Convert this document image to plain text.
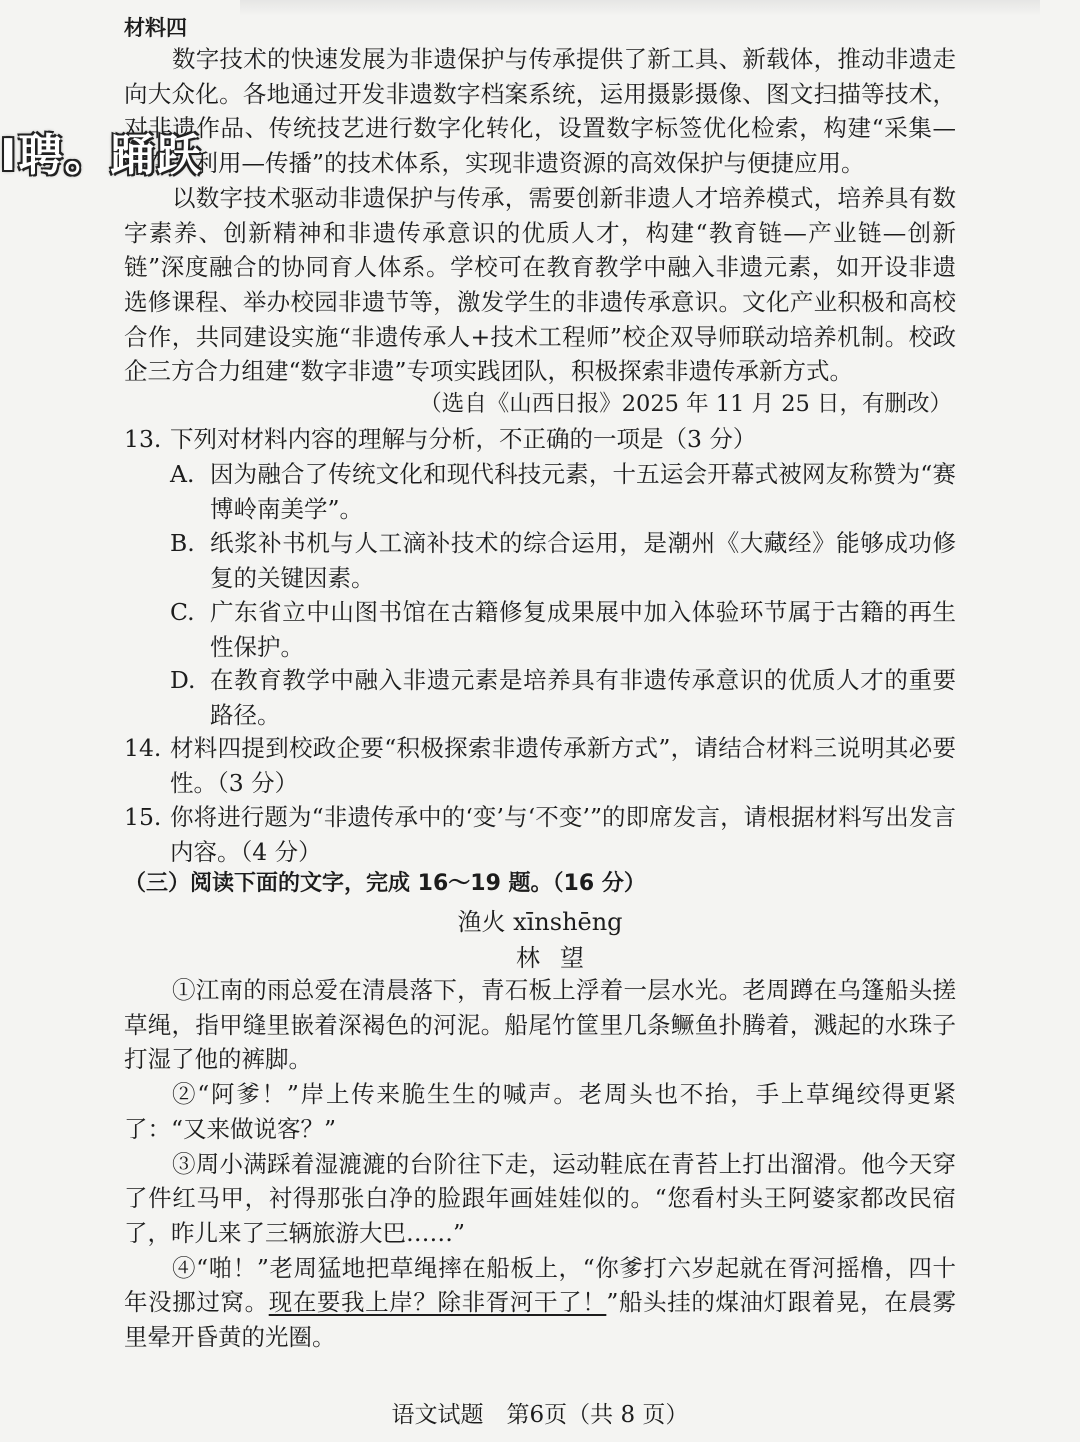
I聘。踊跃
材料四

数字技术的快速发展为非遗保护与传承提供了新工具、新载体，推动非遗走向大众化。各地通过开发非遗数字档案系统，运用摄影摄像、图文扫描等技术，对非遗作品、传统技艺进行数字化转化，设置数字标签优化检索，构建“采集—保存—利用—传播”的技术体系，实现非遗资源的高效保护与便捷应用。

以数字技术驱动非遗保护与传承，需要创新非遗人才培养模式，培养具有数字素养、创新精神和非遗传承意识的优质人才，构建“教育链—产业链—创新链”深度融合的协同育人体系。学校可在教育教学中融入非遗元素，如开设非遗选修课程、举办校园非遗节等，激发学生的非遗传承意识。文化产业积极和高校合作，共同建设实施“非遗传承人+技术工程师”校企双导师联动培养机制。校政企三方合力组建“数字非遗”专项实践团队，积极探索非遗传承新方式。

（选自《山西日报》2025 年 11 月 25 日，有删改）
13. 下列对材料内容的理解与分析，不正确的一项是（3 分）
A. 因为融合了传统文化和现代科技元素，十五运会开幕式被网友称赞为“赛博岭南美学”。
B. 纸浆补书机与人工滴补技术的综合运用，是潮州《大藏经》能够成功修复的关键因素。
C. 广东省立中山图书馆在古籍修复成果展中加入体验环节属于古籍的再生性保护。
D. 在教育教学中融入非遗元素是培养具有非遗传承意识的优质人才的重要路径。
14. 材料四提到校政企要“积极探索非遗传承新方式”，请结合材料三说明其必要性。（3 分）
15. 你将进行题为“非遗传承中的‘变’与‘不变’”的即席发言，请根据材料写出发言内容。（4 分）
（三）阅读下面的文字，完成 16～19 题。（16 分）
渔火 xīnshēng
林望

①江南的雨总爱在清晨落下，青石板上浮着一层水光。老周蹲在乌篷船头搓草绳，指甲缝里嵌着深褐色的河泥。船尾竹筐里几条鳜鱼扑腾着，溅起的水珠子打湿了他的裤脚。

②“阿爹！”岸上传来脆生生的喊声。老周头也不抬，手上草绳绞得更紧了：“又来做说客？”

③周小满踩着湿漉漉的台阶往下走，运动鞋底在青苔上打出溜滑。他今天穿了件红马甲，衬得那张白净的脸跟年画娃娃似的。“您看村头王阿婆家都改民宿了，昨儿来了三辆旅游大巴……”

④“啪！”老周猛地把草绳摔在船板上，“你爹打六岁起就在胥河摇橹，四十年没挪过窝。现在要我上岸？除非胥河干了！”船头挂的煤油灯跟着晃，在晨雾里晕开昏黄的光圈。

语文试题　第6页（共 8 页）
